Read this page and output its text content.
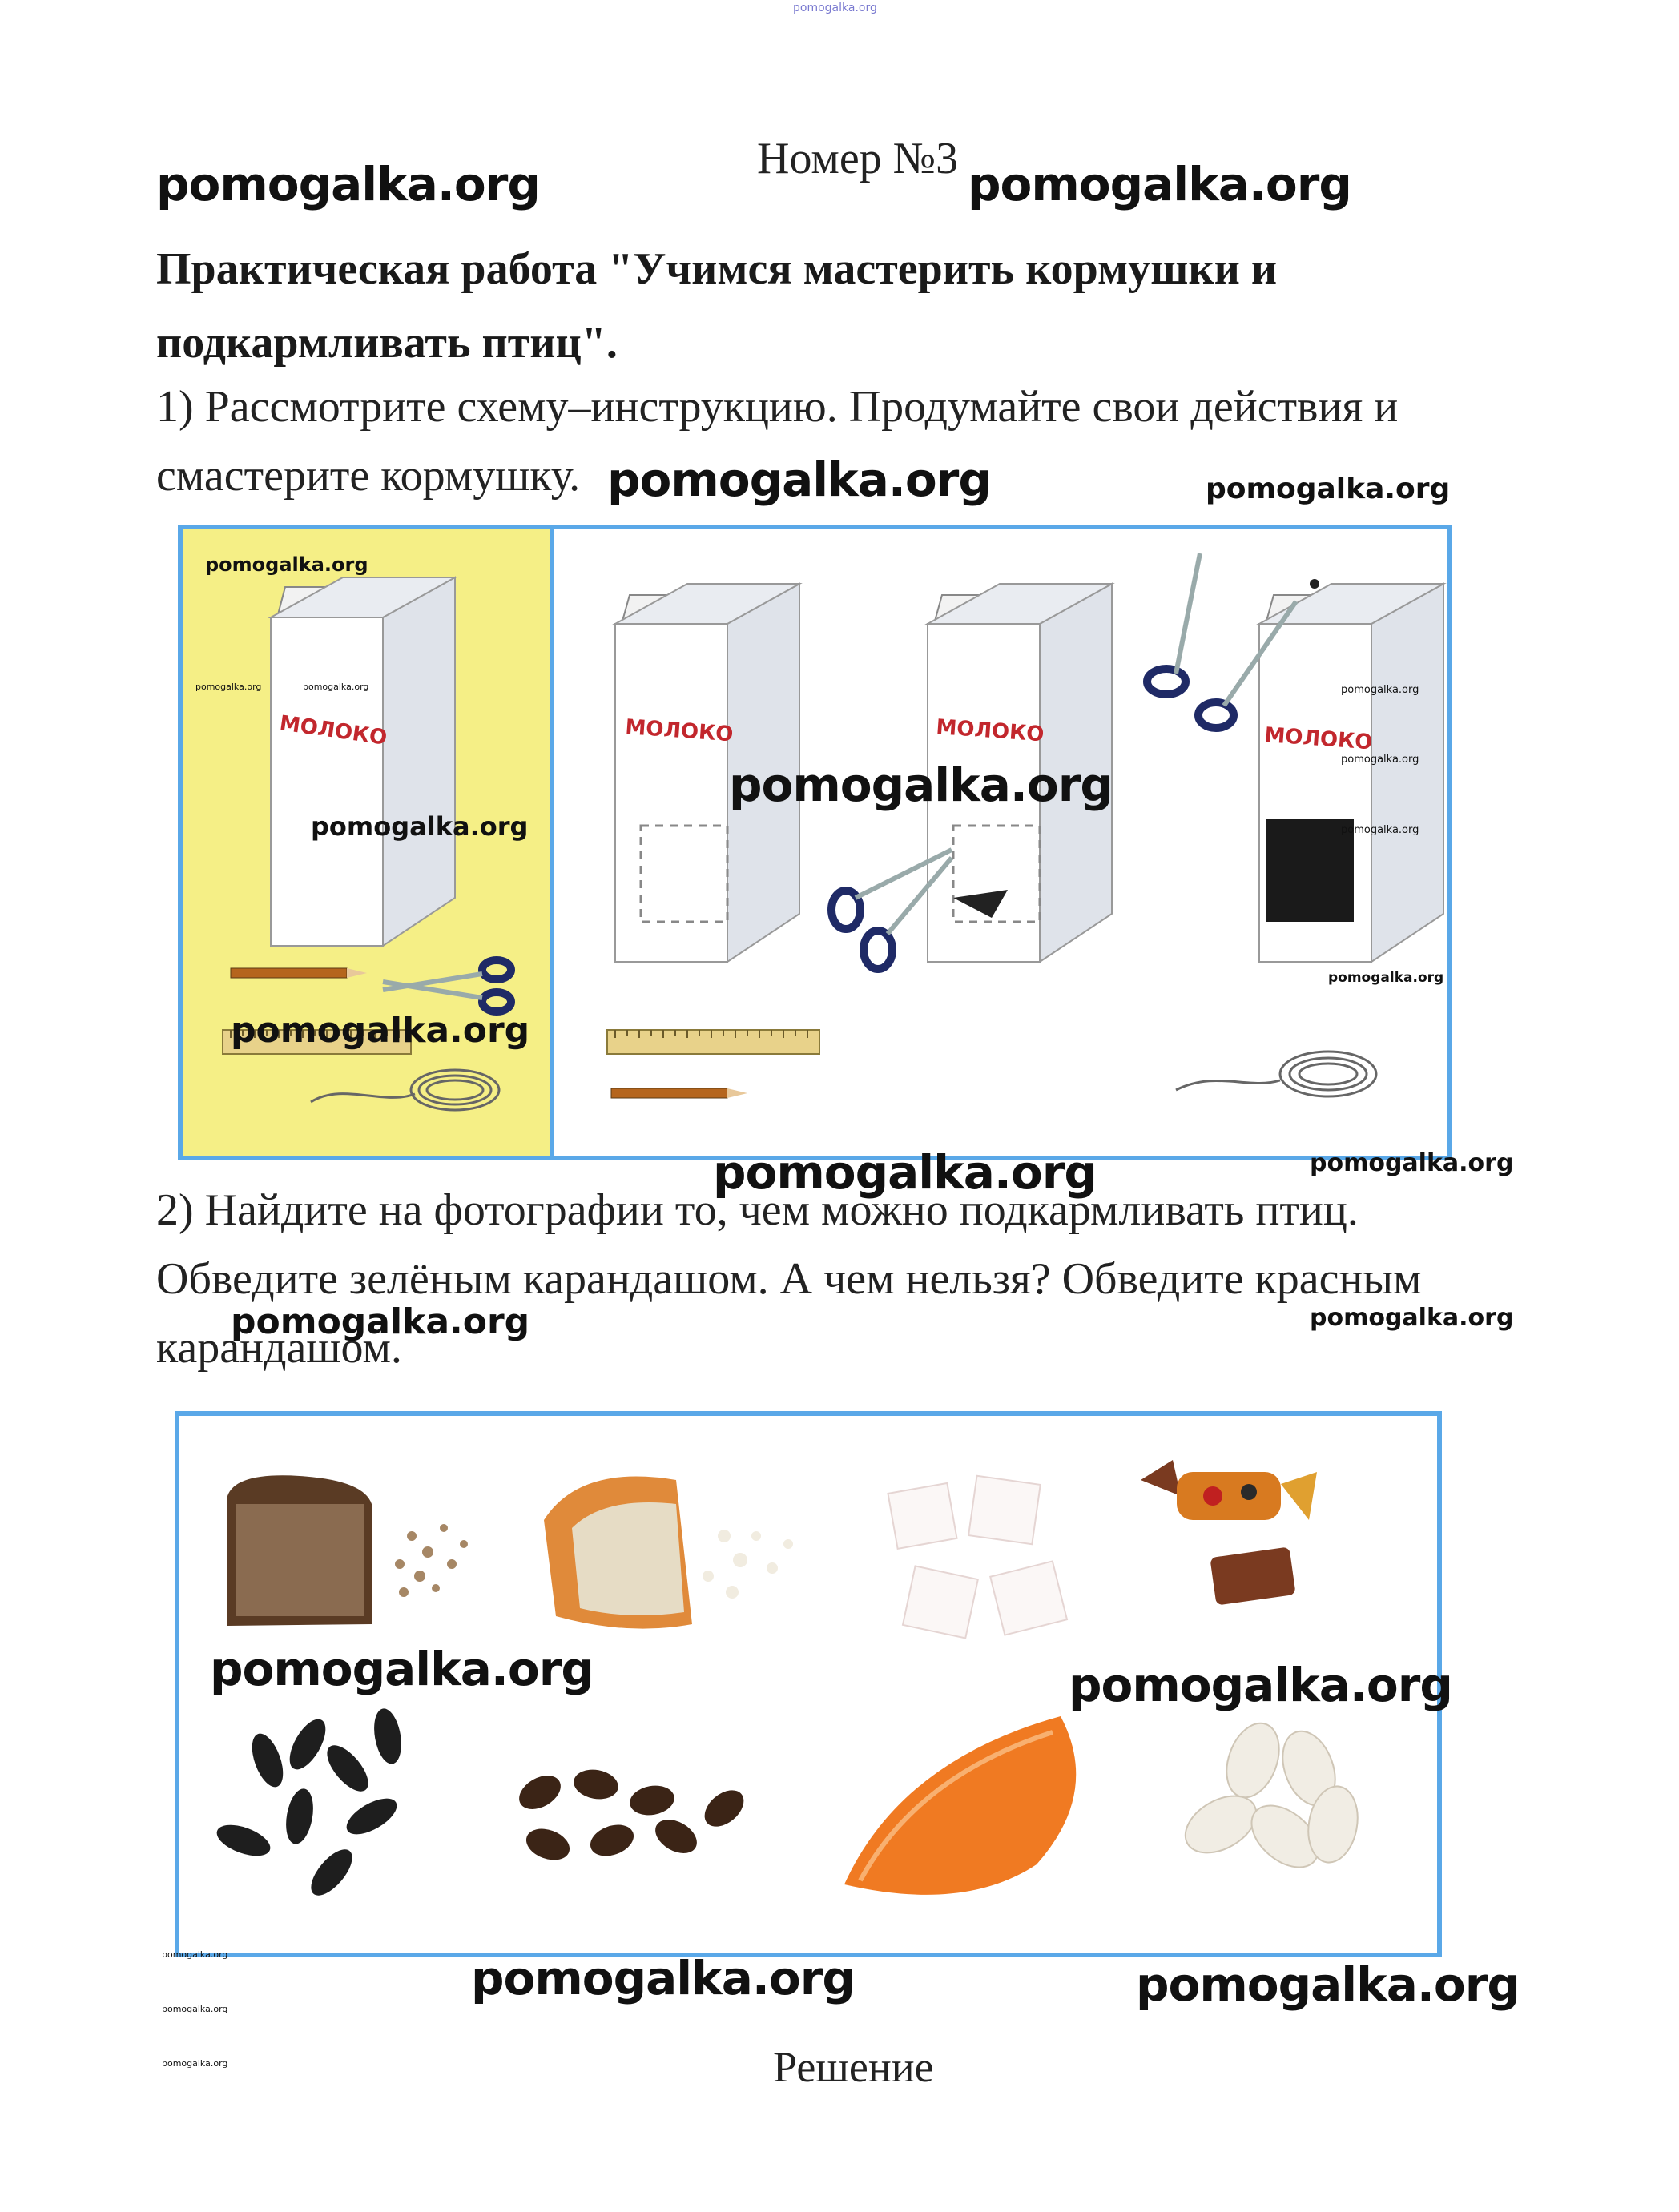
pomogalka.org
pomogalka.org	Номер №3 pomogalka.org
Практическая работа "Учимся мастерить кормушки и
подкармливать птиц".
1) Рассмотрите схему–инструкцию. Продумайте свои действия и
смастерите кормушку. pomogalka.org	pomogalka.org
МОЛОКО	МОЛОКО	МОЛОКО	МОЛОКО
pomogalka.org
pomogalka.org	pomogalka.org
pomogalka.org
pomogalka.org
pomogalka.org
pomogalka.org
pomogalka.org
pomogalka.org
pomogalka.org
pomogalka.org	pomogalka.org
2) Найдите на фотографии то, чем можно подкармливать птиц.
Обведите зелёным карандашом. А чем нельзя? Обведите красным
pomogalka.org	pomogalka.org
карандашом.
pomogalka.org	pomogalka.org
pomogalka.org	pomogalka.org	pomogalka.org
pomogalka.org
pomogalka.org	Решение
